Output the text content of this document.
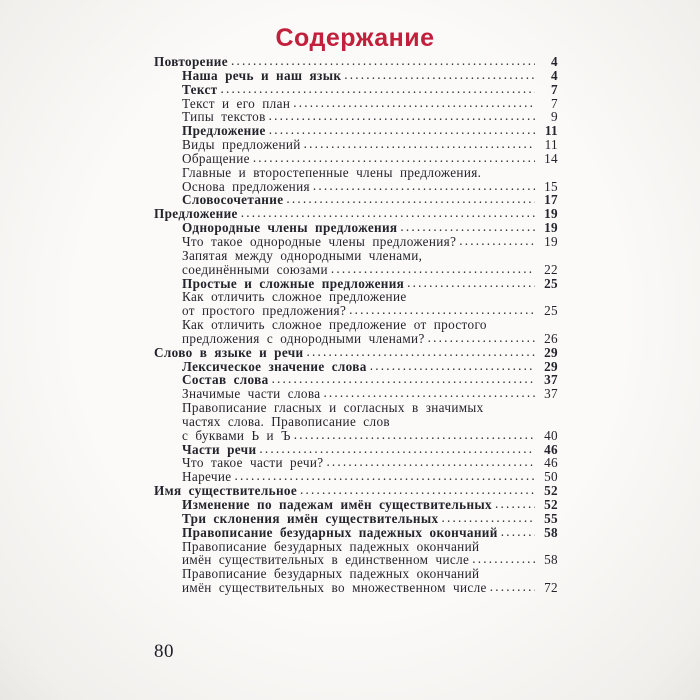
Содержание
Повторение .....	4
Наша речь и наш язык .....	4
Текст .....	7
Текст и его план .....	7
Типы текстов .....	9
Предложение .....	11
Виды предложений .....	11
Обращение .....	14
Главные и второстепенные члены предложения.
Основа предложения .....	15
Словосочетание .....	17
Предложение .....	19
Однородные члены предложения .....	19
Что такое однородные члены предложения? .....	19
Запятая между однородными членами,
соединёнными союзами .....	22
Простые и сложные предложения .....	25
Как отличить сложное предложение
от простого предложения? .....	25
Как отличить сложное предложение от простого
предложения с однородными членами? .....	26
Слово в языке и речи .....	29
Лексическое значение слова .....	29
Состав слова .....	37
Значимые части слова .....	37
Правописание гласных и согласных в значимых
частях слова. Правописание слов
с буквами Ь и Ъ .....	40
Части речи .....	46
Что такое части речи? .....	46
Наречие .....	50
Имя существительное .....	52
Изменение по падежам имён существительных .....	52
Три склонения имён существительных .....	55
Правописание безударных падежных окончаний .....	58
Правописание безударных падежных окончаний
имён существительных в единственном числе .....	58
Правописание безударных падежных окончаний
имён существительных во множественном числе .....	72
80
